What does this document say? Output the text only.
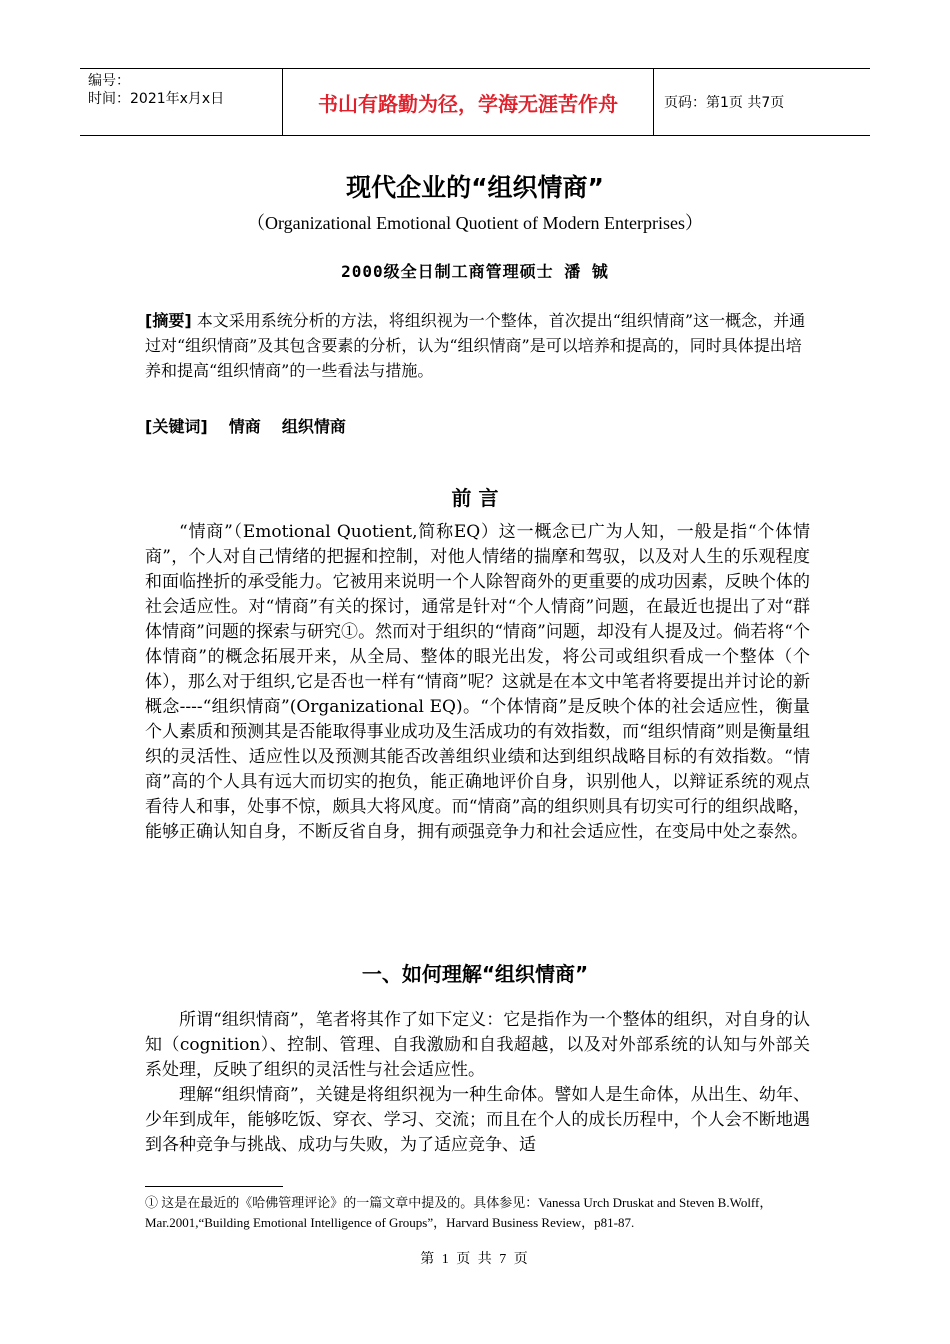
编号：
时间：2021年x月x日	书山有路勤为径，学海无涯苦作舟	页码：第1页 共7页
现代企业的“组织情商”
（Organizational Emotional Quotient of Modern Enterprises）
2000级全日制工商管理硕士 潘 铖
[摘要] 本文采用系统分析的方法，将组织视为一个整体，首次提出“组织情商”这一概念，并通过对“组织情商”及其包含要素的分析，认为“组织情商”是可以培养和提高的，同时具体提出培养和提高“组织情商”的一些看法与措施。
[关键词] 情商 组织情商
前 言

“情商”（Emotional Quotient,简称EQ）这一概念已广为人知，一般是指“个体情商”，个人对自己情绪的把握和控制，对他人情绪的揣摩和驾驭，以及对人生的乐观程度和面临挫折的承受能力。它被用来说明一个人除智商外的更重要的成功因素，反映个体的社会适应性。对“情商”有关的探讨，通常是针对“个人情商”问题，在最近也提出了对“群体情商”问题的探索与研究①。然而对于组织的“情商”问题，却没有人提及过。倘若将“个体情商”的概念拓展开来，从全局、整体的眼光出发，将公司或组织看成一个整体（个体），那么对于组织,它是否也一样有“情商”呢？这就是在本文中笔者将要提出并讨论的新概念----“组织情商”(Organizational EQ)。“个体情商”是反映个体的社会适应性，衡量个人素质和预测其是否能取得事业成功及生活成功的有效指数，而“组织情商”则是衡量组织的灵活性、适应性以及预测其能否改善组织业绩和达到组织战略目标的有效指数。“情商”高的个人具有远大而切实的抱负，能正确地评价自身，识别他人，以辩证系统的观点看待人和事，处事不惊，颇具大将风度。而“情商”高的组织则具有切实可行的组织战略，能够正确认知自身，不断反省自身，拥有顽强竞争力和社会适应性，在变局中处之泰然。

一、如何理解“组织情商”

所谓“组织情商”，笔者将其作了如下定义：它是指作为一个整体的组织，对自身的认知（cognition）、控制、管理、自我激励和自我超越，以及对外部系统的认知与外部关系处理，反映了组织的灵活性与社会适应性。

理解“组织情商”，关键是将组织视为一种生命体。譬如人是生命体，从出生、幼年、少年到成年，能够吃饭、穿衣、学习、交流；而且在个人的成长历程中，个人会不断地遇到各种竞争与挑战、成功与失败，为了适应竞争、适

① 这是在最近的《哈佛管理评论》的一篇文章中提及的。具体参见：Vanessa Urch Druskat and Steven B.Wolff， Mar.2001,“Building Emotional Intelligence of Groups”，Harvard Business Review，p81-87.
第 1 页 共 7 页
